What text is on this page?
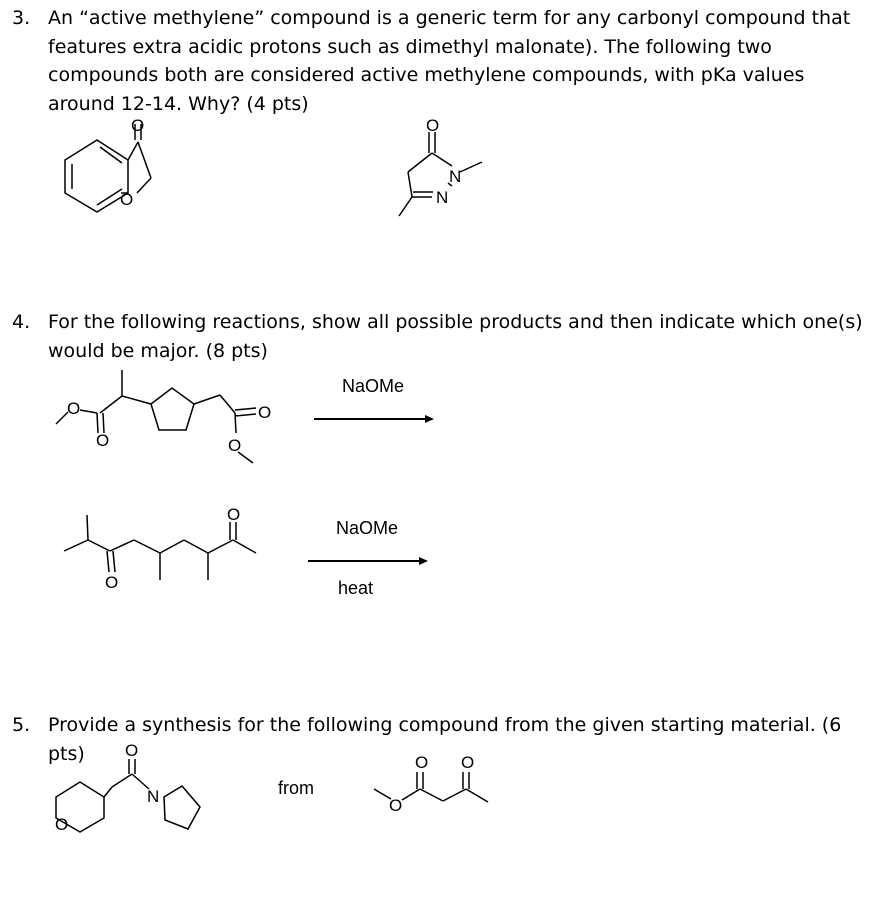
3. An “active methylene” compound is a generic term for any carbonyl compound that features extra acidic protons such as dimethyl malonate). The following two compounds both are considered active methylene compounds, with pKa values around 12-14. Why? (4 pts)
O
O
O
N
N
4. For the following reactions, show all possible products and then indicate which one(s) would be major. (8 pts)
O
O
O
O
NaOMe
O
O
NaOMe
heat
5. Provide a synthesis for the following compound from the given starting material. (6 pts)
O
O
N	from
O
O O
